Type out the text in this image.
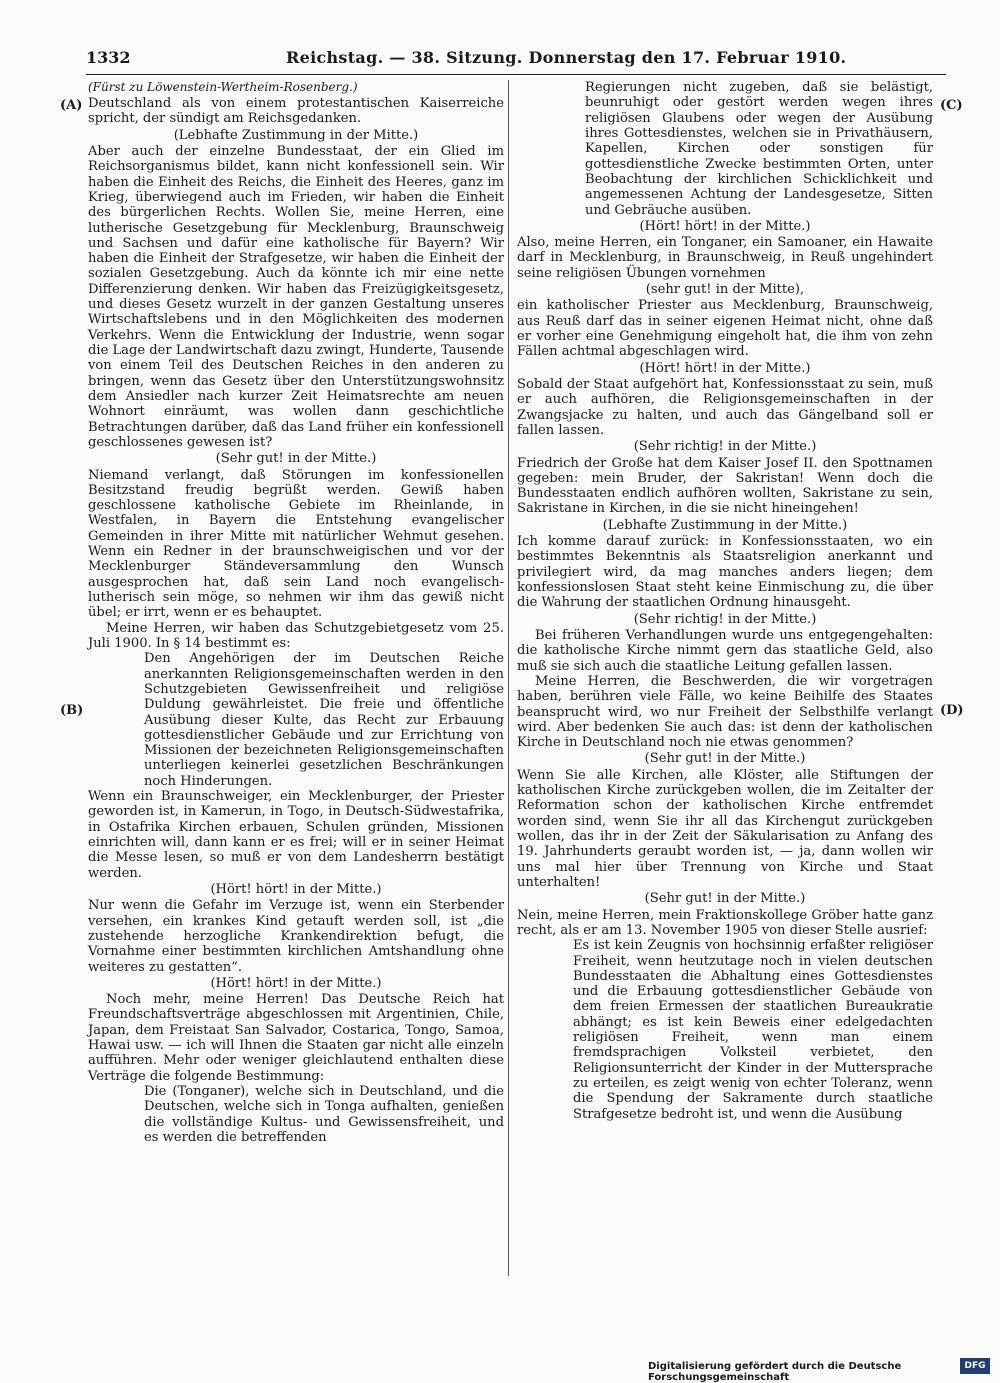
1332	Reichstag. — 38. Sitzung. Donnerstag den 17. Februar 1910.
(A)
(B)
(C)
(D)

(Fürst zu Löwenstein-Wertheim-Rosenberg.)

Deutschland als von einem protestantischen Kaiserreiche spricht, der sündigt am Reichsgedanken.

(Lebhafte Zustimmung in der Mitte.)

Aber auch der einzelne Bundesstaat, der ein Glied im Reichsorganismus bildet, kann nicht konfessionell sein. Wir haben die Einheit des Reichs, die Einheit des Heeres, ganz im Krieg, überwiegend auch im Frieden, wir haben die Einheit des bürgerlichen Rechts. Wollen Sie, meine Herren, eine lutherische Gesetzgebung für Mecklenburg, Braunschweig und Sachsen und dafür eine katholische für Bayern? Wir haben die Einheit der Strafgesetze, wir haben die Einheit der sozialen Gesetzgebung. Auch da könnte ich mir eine nette Differenzierung denken. Wir haben das Freizügigkeitsgesetz, und dieses Gesetz wurzelt in der ganzen Gestaltung unseres Wirtschaftslebens und in den Möglichkeiten des modernen Verkehrs. Wenn die Entwicklung der Industrie, wenn sogar die Lage der Landwirtschaft dazu zwingt, Hunderte, Tausende von einem Teil des Deutschen Reiches in den anderen zu bringen, wenn das Gesetz über den Unterstützungswohnsitz dem Ansiedler nach kurzer Zeit Heimatsrechte am neuen Wohnort einräumt, was wollen dann geschichtliche Betrachtungen darüber, daß das Land früher ein konfessionell geschlossenes gewesen ist?

(Sehr gut! in der Mitte.)

Niemand verlangt, daß Störungen im konfessionellen Besitzstand freudig begrüßt werden. Gewiß haben geschlossene katholische Gebiete im Rheinlande, in Westfalen, in Bayern die Entstehung evangelischer Gemeinden in ihrer Mitte mit natürlicher Wehmut gesehen. Wenn ein Redner in der braunschweigischen und vor der Mecklenburger Ständeversammlung den Wunsch ausgesprochen hat, daß sein Land noch evangelisch-lutherisch sein möge, so nehmen wir ihm das gewiß nicht übel; er irrt, wenn er es behauptet.

Meine Herren, wir haben das Schutzgebietgesetz vom 25. Juli 1900. In § 14 bestimmt es:

Den Angehörigen der im Deutschen Reiche anerkannten Religionsgemeinschaften werden in den Schutzgebieten Gewissenfreiheit und religiöse Duldung gewährleistet. Die freie und öffentliche Ausübung dieser Kulte, das Recht zur Erbauung gottesdienstlicher Gebäude und zur Errichtung von Missionen der bezeichneten Religionsgemeinschaften unterliegen keinerlei gesetzlichen Beschränkungen noch Hinderungen.

Wenn ein Braunschweiger, ein Mecklenburger, der Priester geworden ist, in Kamerun, in Togo, in Deutsch-Südwestafrika, in Ostafrika Kirchen erbauen, Schulen gründen, Missionen einrichten will, dann kann er es frei; will er in seiner Heimat die Messe lesen, so muß er von dem Landesherrn bestätigt werden.

(Hört! hört! in der Mitte.)

Nur wenn die Gefahr im Verzuge ist, wenn ein Sterbender versehen, ein krankes Kind getauft werden soll, ist „die zustehende herzogliche Krankendirektion befugt, die Vornahme einer bestimmten kirchlichen Amtshandlung ohne weiteres zu gestatten“.

(Hört! hört! in der Mitte.)

Noch mehr, meine Herren! Das Deutsche Reich hat Freundschaftsverträge abgeschlossen mit Argentinien, Chile, Japan, dem Freistaat San Salvador, Costarica, Tongo, Samoa, Hawai usw. — ich will Ihnen die Staaten gar nicht alle einzeln aufführen. Mehr oder weniger gleichlautend enthalten diese Verträge die folgende Bestimmung:

Die (Tonganer), welche sich in Deutschland, und die Deutschen, welche sich in Tonga aufhalten, genießen die vollständige Kultus- und Gewissensfreiheit, und es werden die betreffenden

Regierungen nicht zugeben, daß sie belästigt, beunruhigt oder gestört werden wegen ihres religiösen Glaubens oder wegen der Ausübung ihres Gottesdienstes, welchen sie in Privathäusern, Kapellen, Kirchen oder sonstigen für gottesdienstliche Zwecke bestimmten Orten, unter Beobachtung der kirchlichen Schicklichkeit und angemessenen Achtung der Landesgesetze, Sitten und Gebräuche ausüben.

(Hört! hört! in der Mitte.)

Also, meine Herren, ein Tonganer, ein Samoaner, ein Hawaite darf in Mecklenburg, in Braunschweig, in Reuß ungehindert seine religiösen Übungen vornehmen

(sehr gut! in der Mitte),

ein katholischer Priester aus Mecklenburg, Braunschweig, aus Reuß darf das in seiner eigenen Heimat nicht, ohne daß er vorher eine Genehmigung eingeholt hat, die ihm von zehn Fällen achtmal abgeschlagen wird.

(Hört! hört! in der Mitte.)

Sobald der Staat aufgehört hat, Konfessionsstaat zu sein, muß er auch aufhören, die Religionsgemeinschaften in der Zwangsjacke zu halten, und auch das Gängelband soll er fallen lassen.

(Sehr richtig! in der Mitte.)

Friedrich der Große hat dem Kaiser Josef II. den Spottnamen gegeben: mein Bruder, der Sakristan! Wenn doch die Bundesstaaten endlich aufhören wollten, Sakristane zu sein, Sakristane in Kirchen, in die sie nicht hineingehen!

(Lebhafte Zustimmung in der Mitte.)

Ich komme darauf zurück: in Konfessionsstaaten, wo ein bestimmtes Bekenntnis als Staatsreligion anerkannt und privilegiert wird, da mag manches anders liegen; dem konfessionslosen Staat steht keine Einmischung zu, die über die Wahrung der staatlichen Ordnung hinausgeht.

(Sehr richtig! in der Mitte.)

Bei früheren Verhandlungen wurde uns entgegengehalten: die katholische Kirche nimmt gern das staatliche Geld, also muß sie sich auch die staatliche Leitung gefallen lassen.

Meine Herren, die Beschwerden, die wir vorgetragen haben, berühren viele Fälle, wo keine Beihilfe des Staates beansprucht wird, wo nur Freiheit der Selbsthilfe verlangt wird. Aber bedenken Sie auch das: ist denn der katholischen Kirche in Deutschland noch nie etwas genommen?

(Sehr gut! in der Mitte.)

Wenn Sie alle Kirchen, alle Klöster, alle Stiftungen der katholischen Kirche zurückgeben wollen, die im Zeitalter der Reformation schon der katholischen Kirche entfremdet worden sind, wenn Sie ihr all das Kirchengut zurückgeben wollen, das ihr in der Zeit der Säkularisation zu Anfang des 19. Jahrhunderts geraubt worden ist, — ja, dann wollen wir uns mal hier über Trennung von Kirche und Staat unterhalten!

(Sehr gut! in der Mitte.)

Nein, meine Herren, mein Fraktionskollege Gröber hatte ganz recht, als er am 13. November 1905 von dieser Stelle ausrief:

Es ist kein Zeugnis von hochsinnig erfaßter religiöser Freiheit, wenn heutzutage noch in vielen deutschen Bundesstaaten die Abhaltung eines Gottesdienstes und die Erbauung gottesdienstlicher Gebäude von dem freien Ermessen der staatlichen Bureaukratie abhängt; es ist kein Beweis einer edelgedachten religiösen Freiheit, wenn man einem fremdsprachigen Volksteil verbietet, den Religionsunterricht der Kinder in der Muttersprache zu erteilen, es zeigt wenig von echter Toleranz, wenn die Spendung der Sakramente durch staatliche Strafgesetze bedroht ist, und wenn die Ausübung

Digitalisierung gefördert durch die Deutsche Forschungsgemeinschaft
DFG
